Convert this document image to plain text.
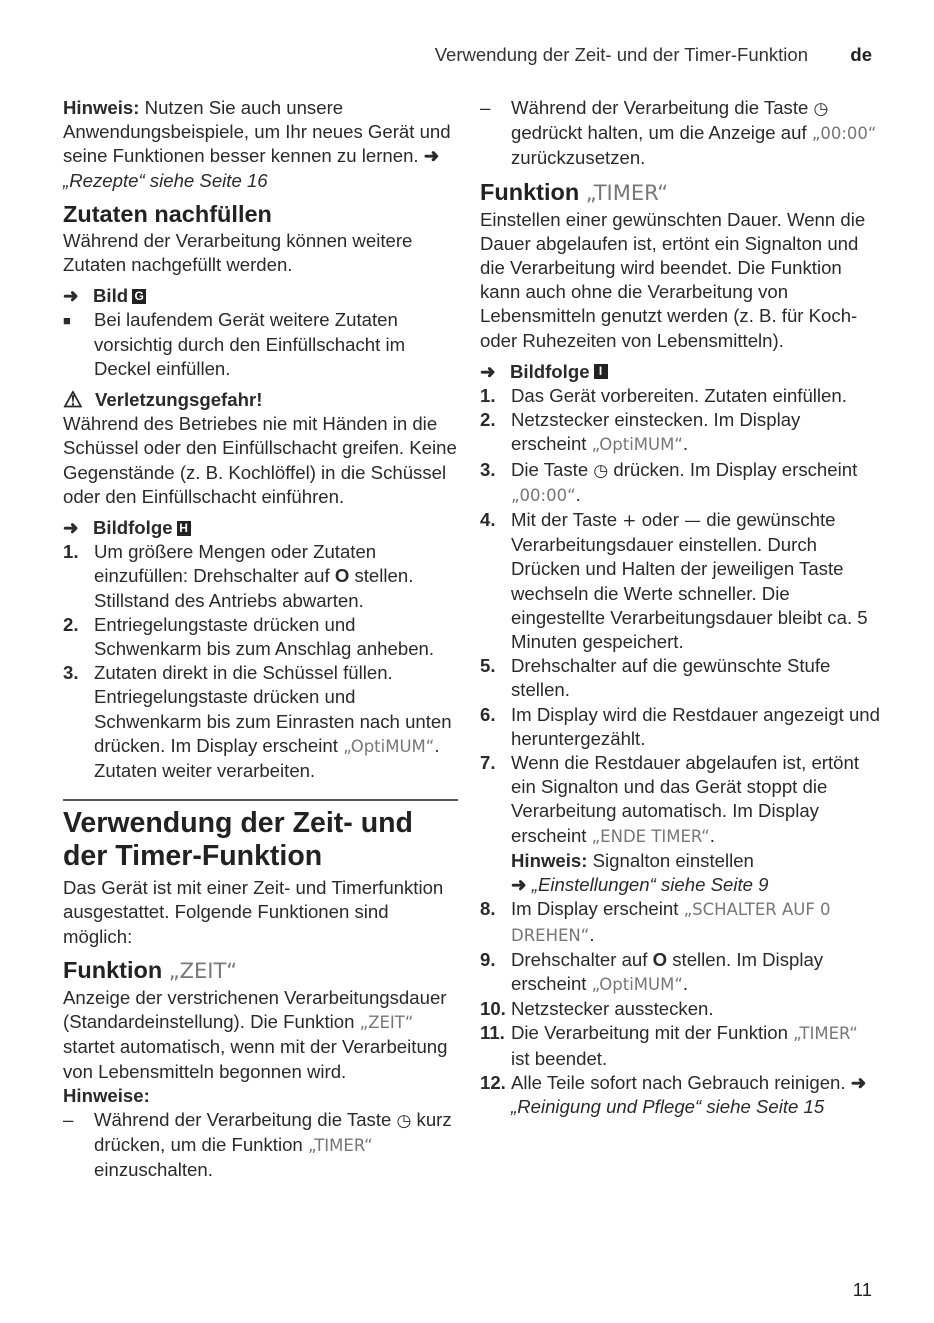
Verwendung der Zeit- und der Timer-Funktion de

Hinweis: Nutzen Sie auch unsere Anwendungsbeispiele, um Ihr neues Gerät und seine Funktionen besser kennen zu lernen. ➜ „Rezepte“ siehe Seite 16

Zutaten nachfüllen

Während der Verarbeitung können weitere Zutaten nachgefüllt werden.

➜ Bild G
■	Bei laufendem Gerät weitere Zutaten vorsichtig durch den Einfüllschacht im Deckel einfüllen.
⚠ Verletzungsgefahr!

Während des Betriebes nie mit Händen in die Schüssel oder den Einfüllschacht greifen. Keine Gegenstände (z. B. Kochlöffel) in die Schüssel oder den Einfüllschacht einführen.

➜ Bildfolge H
1. Um größere Mengen oder Zutaten einzufüllen: Drehschalter auf O stellen. Stillstand des Antriebs abwarten.
2. Entriegelungstaste drücken und Schwenkarm bis zum Anschlag anheben.
3. Zutaten direkt in die Schüssel füllen. Entriegelungstaste drücken und Schwenkarm bis zum Einrasten nach unten drücken. Im Display erscheint „OptiMUM“. Zutaten weiter verarbeiten.
Verwendung der Zeit- und der Timer-Funktion

Das Gerät ist mit einer Zeit- und Timerfunktion ausgestattet. Folgende Funktionen sind möglich:

Funktion „ZEIT“

Anzeige der verstrichenen Verarbeitungsdauer (Standardeinstellung). Die Funktion „ZEIT“ startet automatisch, wenn mit der Verarbeitung von Lebensmitteln begonnen wird.

Hinweise:

–	Während der Verarbeitung die Taste ◷ kurz drücken, um die Funktion „TIMER“ einzuschalten.
–	Während der Verarbeitung die Taste ◷ gedrückt halten, um die Anzeige auf „00:00“ zurückzusetzen.
Funktion „TIMER“

Einstellen einer gewünschten Dauer. Wenn die Dauer abgelaufen ist, ertönt ein Signalton und die Verarbeitung wird beendet. Die Funktion kann auch ohne die Verarbeitung von Lebensmitteln genutzt werden (z. B. für Koch- oder Ruhezeiten von Lebensmitteln).

➜ Bildfolge I
1. Das Gerät vorbereiten. Zutaten einfüllen.
2. Netzstecker einstecken. Im Display erscheint „OptiMUM“.
3. Die Taste ◷ drücken. Im Display erscheint „00:00“.
4. Mit der Taste + oder — die gewünschte Verarbeitungsdauer einstellen. Durch Drücken und Halten der jeweiligen Taste wechseln die Werte schneller. Die eingestellte Verarbeitungsdauer bleibt ca. 5 Minuten gespeichert.
5. Drehschalter auf die gewünschte Stufe stellen.
6. Im Display wird die Restdauer angezeigt und heruntergezählt.
7. Wenn die Restdauer abgelaufen ist, ertönt ein Signalton und das Gerät stoppt die Verarbeitung automatisch. Im Display erscheint „ENDE TIMER“.
Hinweis: Signalton einstellen
➜ „Einstellungen“ siehe Seite 9
8. Im Display erscheint „SCHALTER AUF 0 DREHEN“.
9. Drehschalter auf O stellen. Im Display erscheint „OptiMUM“.
10. Netzstecker ausstecken.
11. Die Verarbeitung mit der Funktion „TIMER“ ist beendet.
12. Alle Teile sofort nach Gebrauch reinigen. ➜ „Reinigung und Pflege“ siehe Seite 15
11
